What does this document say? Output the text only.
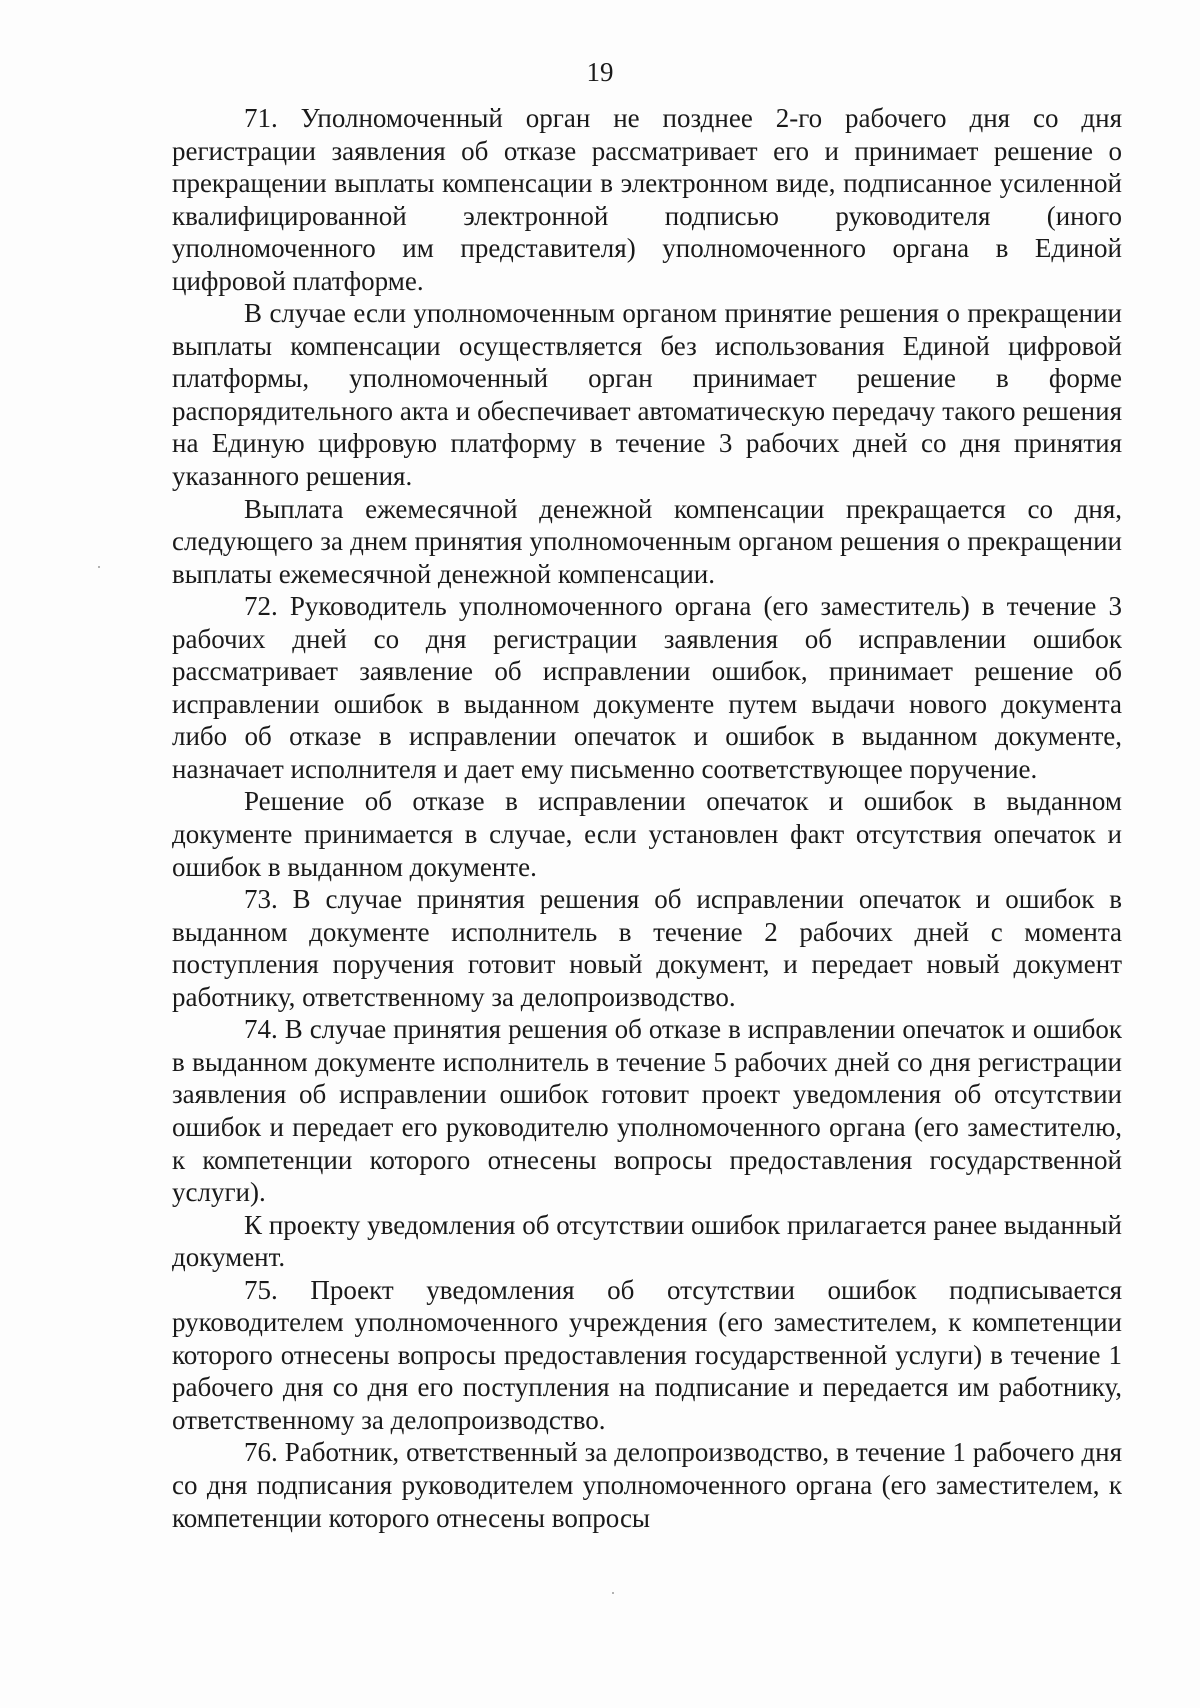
19

71. Уполномоченный орган не позднее 2-го рабочего дня со дня регистрации заявления об отказе рассматривает его и принимает решение о прекращении выплаты компенсации в электронном виде, подписанное усиленной квалифицированной электронной подписью руководителя (иного уполномоченного им представителя) уполномоченного органа в Единой цифровой платформе.

В случае если уполномоченным органом принятие решения о прекращении выплаты компенсации осуществляется без использования Единой цифровой платформы, уполномоченный орган принимает решение в форме распорядительного акта и обеспечивает автоматическую передачу такого решения на Единую цифровую платформу в течение 3 рабочих дней со дня принятия указанного решения.

Выплата ежемесячной денежной компенсации прекращается со дня, следующего за днем принятия уполномоченным органом решения о прекращении выплаты ежемесячной денежной компенсации.

72. Руководитель уполномоченного органа (его заместитель) в течение 3 рабочих дней со дня регистрации заявления об исправлении ошибок рассматривает заявление об исправлении ошибок, принимает решение об исправлении ошибок в выданном документе путем выдачи нового документа либо об отказе в исправлении опечаток и ошибок в выданном документе, назначает исполнителя и дает ему письменно соответствующее поручение.

Решение об отказе в исправлении опечаток и ошибок в выданном документе принимается в случае, если установлен факт отсутствия опечаток и ошибок в выданном документе.

73. В случае принятия решения об исправлении опечаток и ошибок в выданном документе исполнитель в течение 2 рабочих дней с момента поступления поручения готовит новый документ, и передает новый документ работнику, ответственному за делопроизводство.

74. В случае принятия решения об отказе в исправлении опечаток и ошибок в выданном документе исполнитель в течение 5 рабочих дней со дня регистрации заявления об исправлении ошибок готовит проект уведомления об отсутствии ошибок и передает его руководителю уполномоченного органа (его заместителю, к компетенции которого отнесены вопросы предоставления государственной услуги).

К проекту уведомления об отсутствии ошибок прилагается ранее выданный документ.

75. Проект уведомления об отсутствии ошибок подписывается руководителем уполномоченного учреждения (его заместителем, к компетенции которого отнесены вопросы предоставления государственной услуги) в течение 1 рабочего дня со дня его поступления на подписание и передается им работнику, ответственному за делопроизводство.

76. Работник, ответственный за делопроизводство, в течение 1 рабочего дня со дня подписания руководителем уполномоченного органа (его заместителем, к компетенции которого отнесены вопросы
